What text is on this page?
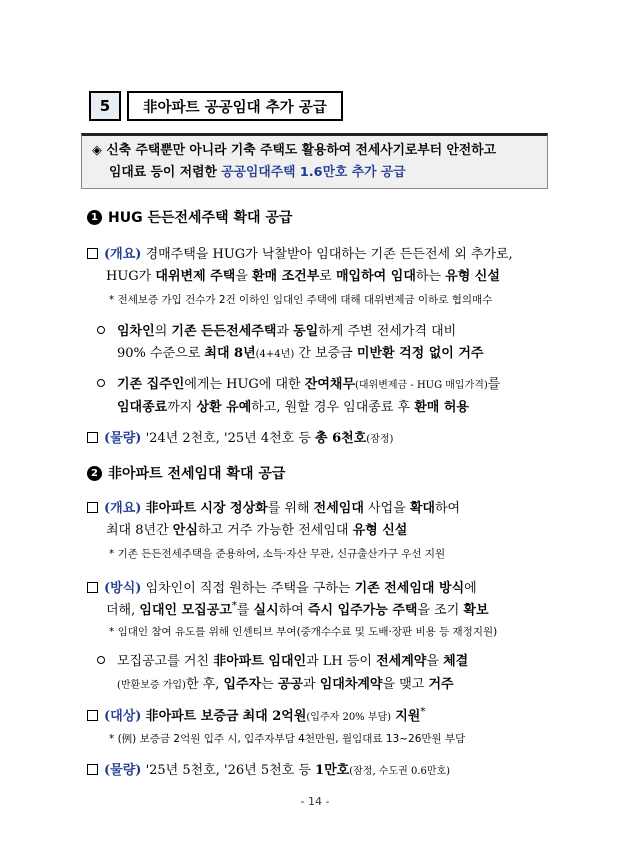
5	非아파트 공공임대 추가 공급
◈ 신축 주택뿐만 아니라 기축 주택도 활용하여 전세사기로부터 안전하고
임대료 등이 저렴한 공공임대주택 1.6만호 추가 공급
1 HUG 든든전세주택 확대 공급
(개요) 경매주택을 HUG가 낙찰받아 임대하는 기존 든든전세 외 추가로,
HUG가 대위변제 주택을 환매 조건부로 매입하여 임대하는 유형 신설
* 전세보증 가입 건수가 2건 이하인 임대인 주택에 대해 대위변제금 이하로 협의매수
임차인의 기존 든든전세주택과 동일하게 주변 전세가격 대비
90% 수준으로 최대 8년(4+4년) 간 보증금 미반환 걱정 없이 거주
기존 집주인에게는 HUG에 대한 잔여채무(대위변제금 - HUG 매입가격)를
임대종료까지 상환 유예하고, 원할 경우 임대종료 후 환매 허용
(물량) '24년 2천호, '25년 4천호 등 총 6천호(잠정)
2 非아파트 전세임대 확대 공급
(개요) 非아파트 시장 정상화를 위해 전세임대 사업을 확대하여
최대 8년간 안심하고 거주 가능한 전세임대 유형 신설
* 기존 든든전세주택을 준용하여, 소득·자산 무관, 신규출산가구 우선 지원
(방식) 임차인이 직접 원하는 주택을 구하는 기존 전세임대 방식에
더해, 임대인 모집공고*를 실시하여 즉시 입주가능 주택을 조기 확보
* 임대인 참여 유도를 위해 인센티브 부여(중개수수료 및 도배·장판 비용 등 재정지원)
모집공고를 거친 非아파트 임대인과 LH 등이 전세계약을 체결
(반환보증 가입)한 후, 입주자는 공공과 임대차계약을 맺고 거주
(대상) 非아파트 보증금 최대 2억원(입주자 20% 부담) 지원*
* (例) 보증금 2억원 입주 시, 입주자부담 4천만원, 월임대료 13~26만원 부담
(물량) '25년 5천호, '26년 5천호 등 1만호(잠정, 수도권 0.6만호)
- 14 -
